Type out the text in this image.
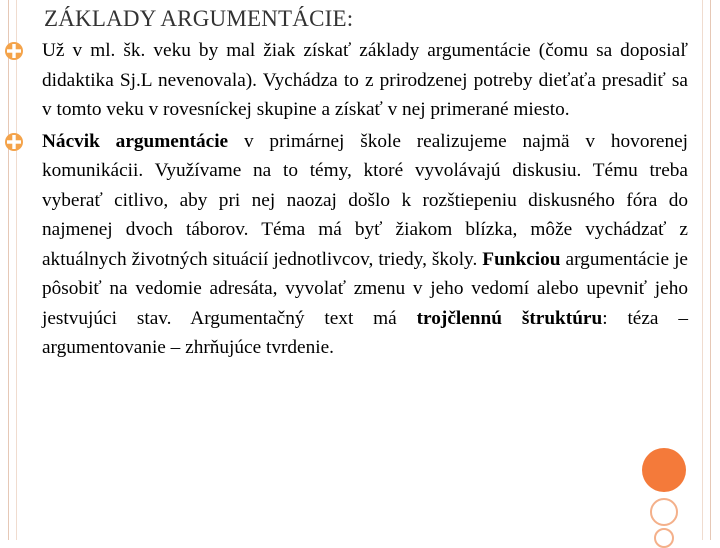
ZÁKLADY ARGUMENTÁCIE:
Už v ml. šk. veku by mal žiak získať základy argumentácie (čomu sa doposiaľ didaktika Sj.L nevenovala). Vychádza to z prirodzenej potreby dieťaťa presadiť sa v tomto veku v rovesníckej skupine a získať v nej primerané miesto.
Nácvik argumentácie v primárnej škole realizujeme najmä v hovorenej komunikácii. Využívame na to témy, ktoré vyvolávajú diskusiu. Tému treba vyberať citlivo, aby pri nej naozaj došlo k rozštiepeniu diskusného fóra do najmenej dvoch táborov. Téma má byť žiakom blízka, môže vychádzať z aktuálnych životných situácií jednotlivcov, triedy, školy. Funkciou argumentácie je pôsobiť na vedomie adresáta, vyvolať zmenu v jeho vedomí alebo upevniť jeho jestvujúci stav. Argumentačný text má trojčlennú štruktúru: téza – argumentovanie – zhrňujúce tvrdenie.
